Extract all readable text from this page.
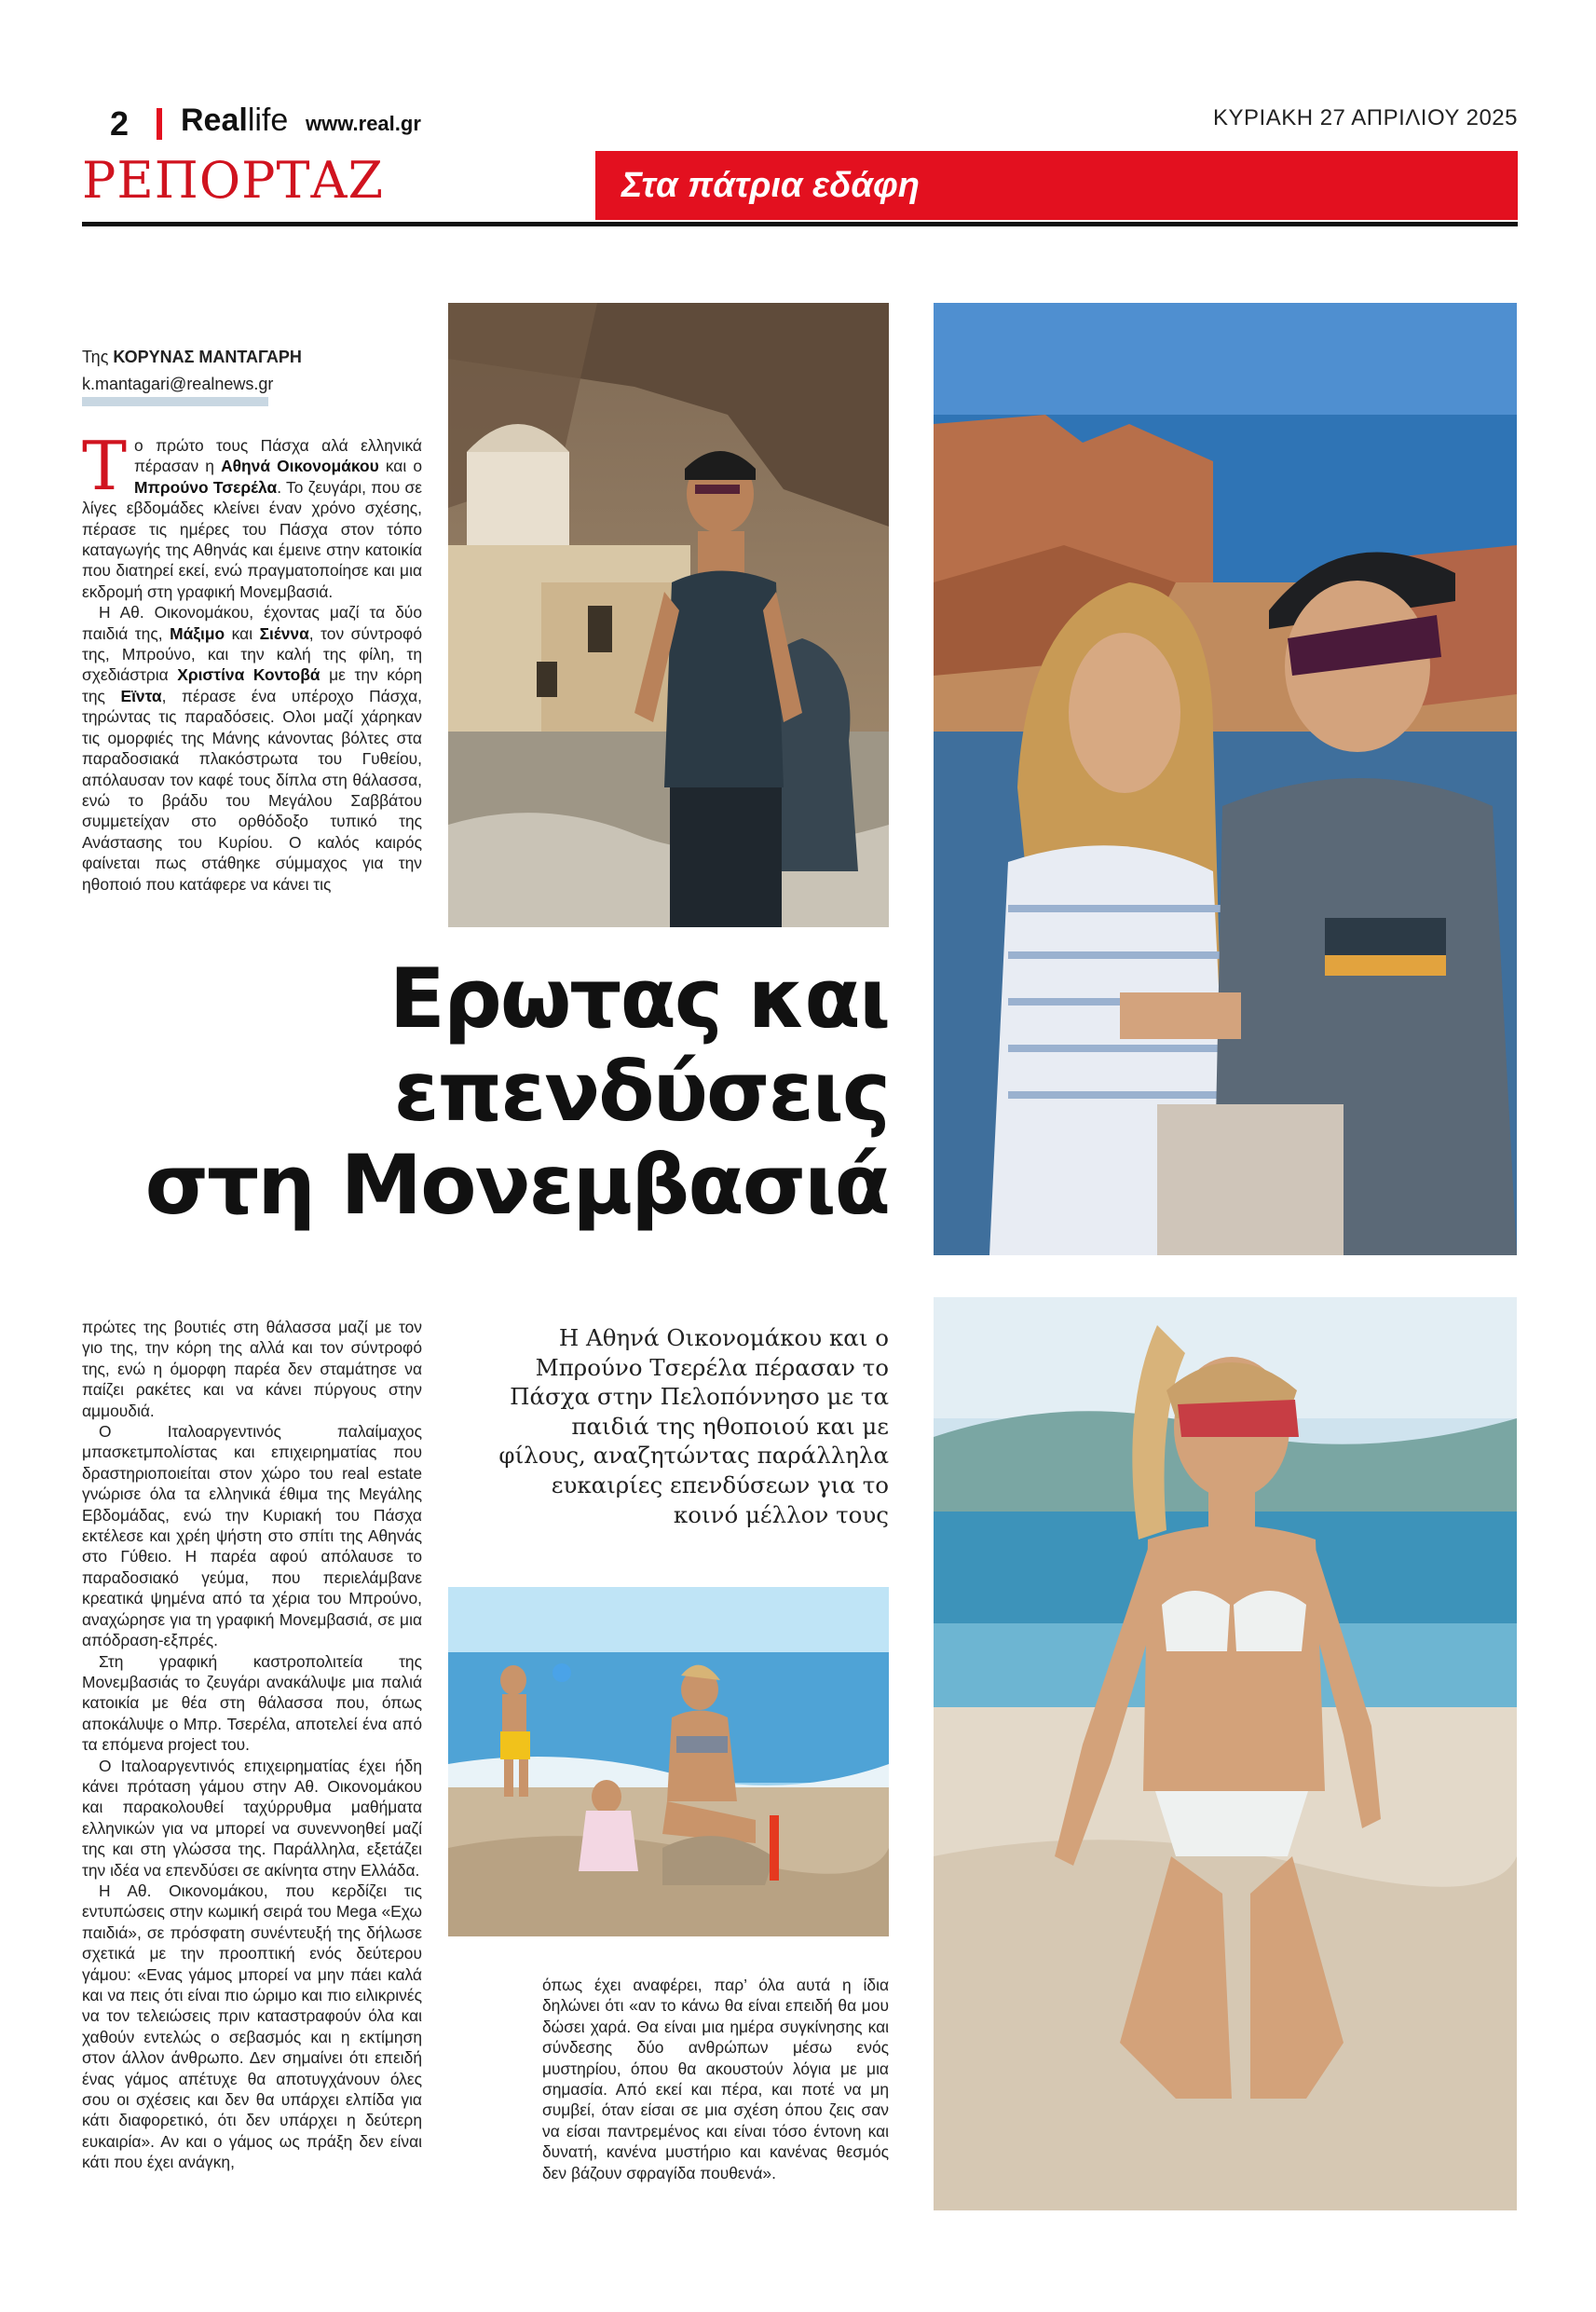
2 Reallife www.real.gr	ΚΥΡΙΑΚΗ 27 ΑΠΡΙΛΙΟΥ 2025
ΡΕΠΟΡΤΑΖ	Στα πάτρια εδάφη
Της ΚΟΡΥΝΑΣ ΜΑΝΤΑΓΑΡΗ
k.mantagari@realnews.gr

Το πρώτο τους Πάσχα αλά ελληνικά πέρασαν η Αθηνά Οικονομάκου και ο Μπρούνο Τσερέλα. Το ζευγάρι, που σε λίγες εβδομάδες κλείνει έναν χρόνο σχέσης, πέρασε τις ημέρες του Πάσχα στον τόπο καταγωγής της Αθηνάς και έμεινε στην κατοικία που διατηρεί εκεί, ενώ πραγματοποίησε και μια εκδρομή στη γραφική Μονεμβασιά.

Η Αθ. Οικονομάκου, έχοντας μαζί τα δύο παιδιά της, Μάξιμο και Σιέννα, τον σύντροφό της, Μπρούνο, και την καλή της φίλη, τη σχεδιάστρια Χριστίνα Κοντοβά με την κόρη της Εϊντα, πέρασε ένα υπέροχο Πάσχα, τηρώντας τις παραδόσεις. Ολοι μαζί χάρηκαν τις ομορφιές της Μάνης κάνοντας βόλτες στα παραδοσιακά πλακόστρωτα του Γυθείου, απόλαυσαν τον καφέ τους δίπλα στη θάλασσα, ενώ το βράδυ του Μεγάλου Σαββάτου συμμετείχαν στο ορθόδοξο τυπικό της Ανάστασης του Κυρίου. Ο καλός καιρός φαίνεται πως στάθηκε σύμμαχος για την ηθοποιό που κατάφερε να κάνει τις

Ερωτας και
επενδύσεις
στη Μονεμβασιά
Η Αθηνά Οικονομάκου και ο Μπρούνο Τσερέλα πέρασαν το Πάσχα στην Πελοπόννησο με τα παιδιά της ηθοποιού και με φίλους, αναζητώντας παράλληλα ευκαιρίες επενδύσεων για το κοινό μέλλον τους

πρώτες της βουτιές στη θάλασσα μαζί με τον γιο της, την κόρη της αλλά και τον σύντροφό της, ενώ η όμορφη παρέα δεν σταμάτησε να παίζει ρακέτες και να κάνει πύργους στην αμμουδιά.

Ο Ιταλοαργεντινός παλαίμαχος μπασκετμπολίστας και επιχειρηματίας που δραστηριοποιείται στον χώρο του real estate γνώρισε όλα τα ελληνικά έθιμα της Μεγάλης Εβδομάδας, ενώ την Κυριακή του Πάσχα εκτέλεσε και χρέη ψήστη στο σπίτι της Αθηνάς στο Γύθειο. Η παρέα αφού απόλαυσε το παραδοσιακό γεύμα, που περιελάμβανε κρεατικά ψημένα από τα χέρια του Μπρούνο, αναχώρησε για τη γραφική Μονεμβασιά, σε μια απόδραση-εξπρές.

Στη γραφική καστροπολιτεία της Μονεμβασιάς το ζευγάρι ανακάλυψε μια παλιά κατοικία με θέα στη θάλασσα που, όπως αποκάλυψε ο Μπρ. Τσερέλα, αποτελεί ένα από τα επόμενα project του.

Ο Ιταλοαργεντινός επιχειρηματίας έχει ήδη κάνει πρόταση γάμου στην Αθ. Οικονομάκου και παρακολουθεί ταχύρρυθμα μαθήματα ελληνικών για να μπορεί να συνεννοηθεί μαζί της και στη γλώσσα της. Παράλληλα, εξετάζει την ιδέα να επενδύσει σε ακίνητα στην Ελλάδα.

Η Αθ. Οικονομάκου, που κερδίζει τις εντυπώσεις στην κωμική σειρά του Mega «Εχω παιδιά», σε πρόσφατη συνέντευξή της δήλωσε σχετικά με την προοπτική ενός δεύτερου γάμου: «Ενας γάμος μπορεί να μην πάει καλά και να πεις ότι είναι πιο ώριμο και πιο ειλικρινές να τον τελειώσεις πριν καταστραφούν όλα και χαθούν εντελώς ο σεβασμός και η εκτίμηση στον άλλον άνθρωπο. Δεν σημαίνει ότι επειδή ένας γάμος απέτυχε θα αποτυγχάνουν όλες σου οι σχέσεις και δεν θα υπάρχει ελπίδα για κάτι διαφορετικό, ότι δεν υπάρχει η δεύτερη ευκαιρία». Αν και ο γάμος ως πράξη δεν είναι κάτι που έχει ανάγκη,

όπως έχει αναφέρει, παρ’ όλα αυτά η ίδια δηλώνει ότι «αν το κάνω θα είναι επειδή θα μου δώσει χαρά. Θα είναι μια ημέρα συγκίνησης και σύνδεσης δύο ανθρώπων μέσω ενός μυστηρίου, όπου θα ακουστούν λόγια με μια σημασία. Από εκεί και πέρα, και ποτέ να μη συμβεί, όταν είσαι σε μια σχέση όπου ζεις σαν να είσαι παντρεμένος και είναι τόσο έντονη και δυνατή, κανένα μυστήριο και κανένας θεσμός δεν βάζουν σφραγίδα πουθενά».
